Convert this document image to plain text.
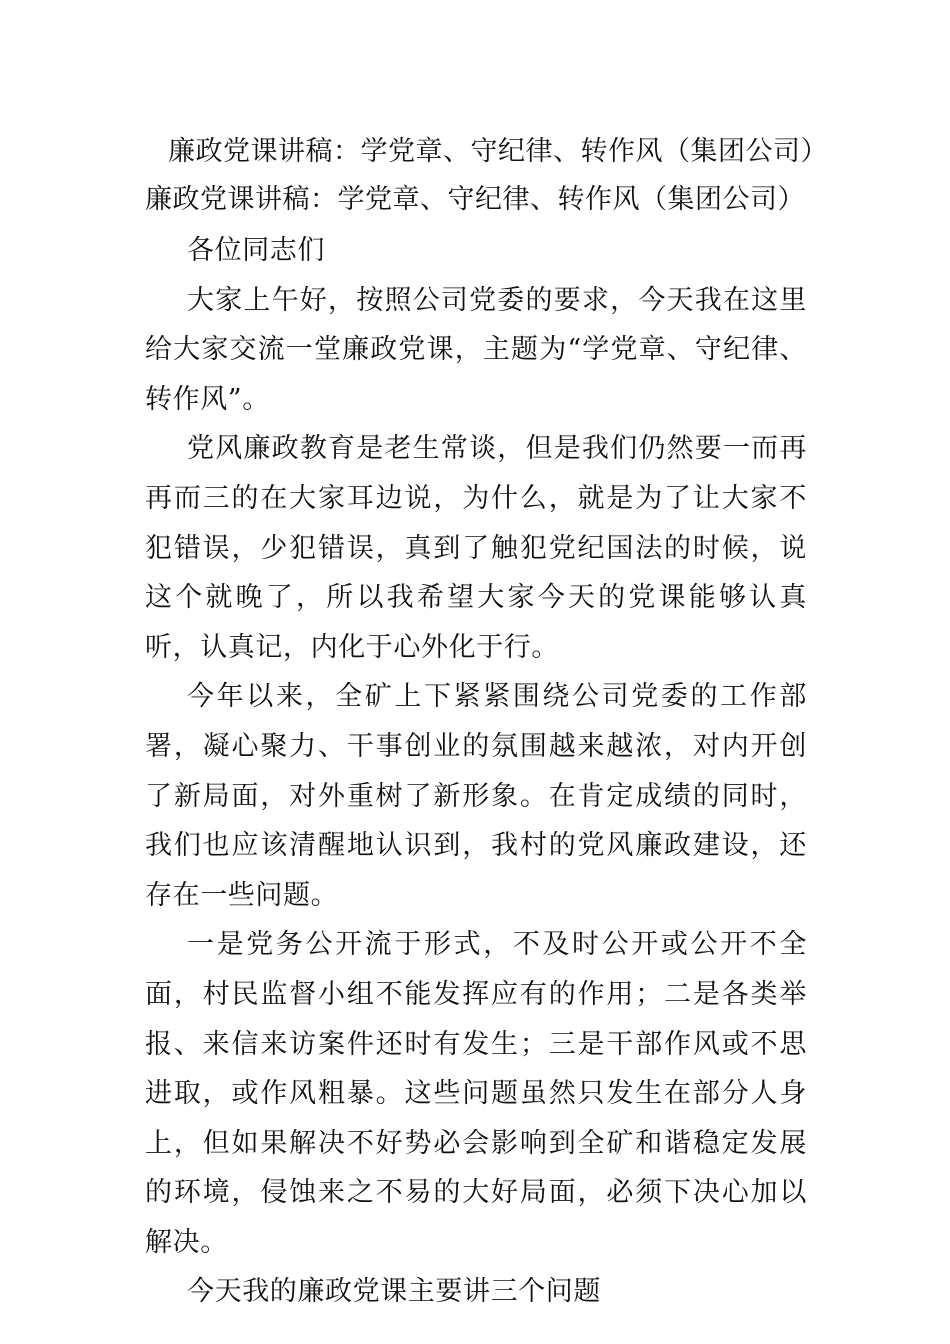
廉政党课讲稿：学党章、守纪律、转作风（集团公司）
廉政党课讲稿：学党章、守纪律、转作风（集团公司）

各位同志们

大家上午好，按照公司党委的要求，今天我在这里给大家交流一堂廉政党课，主题为“学党章、守纪律、转作风”。

党风廉政教育是老生常谈，但是我们仍然要一而再再而三的在大家耳边说，为什么，就是为了让大家不犯错误，少犯错误，真到了触犯党纪国法的时候，说这个就晚了，所以我希望大家今天的党课能够认真听，认真记，内化于心外化于行。

今年以来，全矿上下紧紧围绕公司党委的工作部署，凝心聚力、干事创业的氛围越来越浓，对内开创了新局面，对外重树了新形象。在肯定成绩的同时，我们也应该清醒地认识到，我村的党风廉政建设，还存在一些问题。

一是党务公开流于形式，不及时公开或公开不全面，村民监督小组不能发挥应有的作用；二是各类举报、来信来访案件还时有发生；三是干部作风或不思进取，或作风粗暴。这些问题虽然只发生在部分人身上，但如果解决不好势必会影响到全矿和谐稳定发展的环境，侵蚀来之不易的大好局面，必须下决心加以解决。

今天我的廉政党课主要讲三个问题
